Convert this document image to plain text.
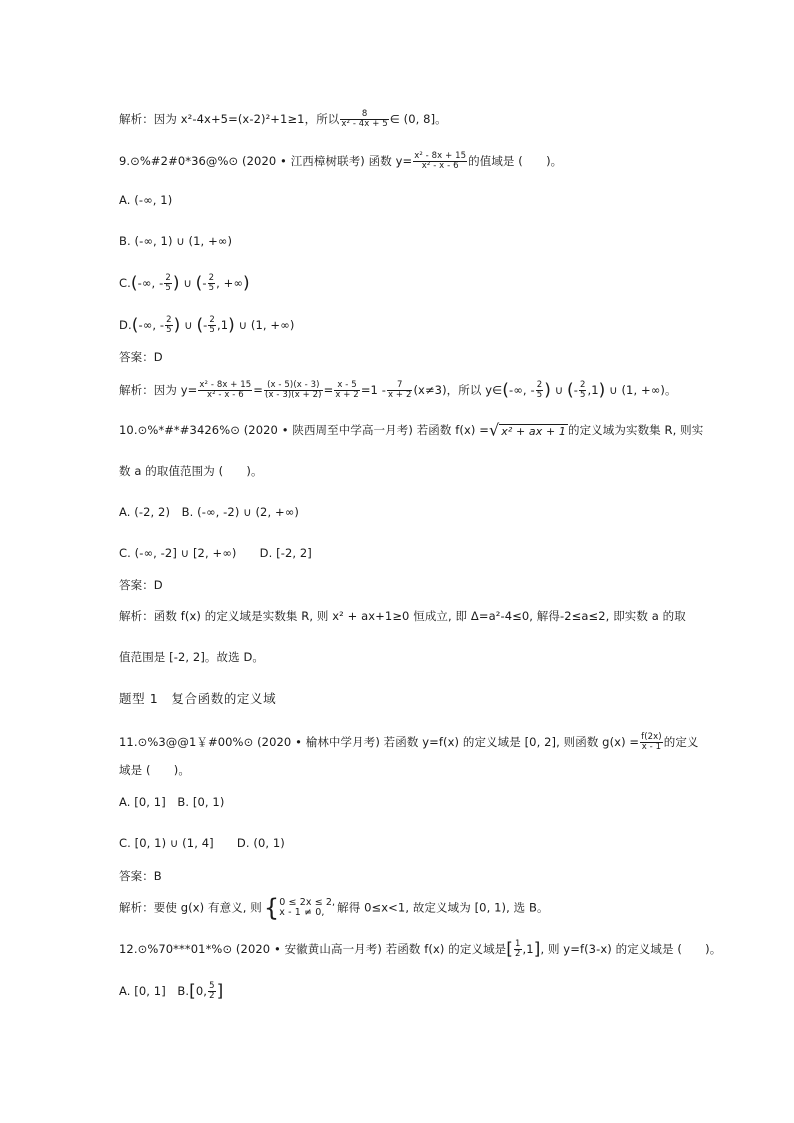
解析：因为 x²-4x+5=(x-2)²+1≥1，所以 $\frac{8}{\text{x² - 4x + 5}}$ ∈ (0, 8]。
9.⊙%#2#0*36@%⊙ (2020 • 江西樟树联考) 函数 $y= \frac{\text{x² - 8x + 15}}{\text{x² - x - 6}}$ 的值域是 (　　)。
A. (-∞, 1)
B. (-∞, 1) ∪ (1, +∞)
C.(-∞, - $\frac{2}{5}$ ) ∪ (- $\frac{2}{5}$ , +∞)
D.(-∞, - $\frac{2}{5}$ ) ∪ (- $\frac{2}{5} ,1$) ∪ (1, +∞)
答案：D
解析：因为 $y= \frac{\text{x² - 8x + 15}}{\text{x² - x - 6}} = \frac{(x - 5)(x - 3)}{(x - 3)(x + 2)} = \frac{x - 5}{x + 2} =1 - \frac{7}{x + 2} (x\ne 3)$，所以 y∈(-∞, - $\frac{2}{5}$ ) ∪ (- $\frac{2}{5} ,1$) ∪ (1, +∞)。
10.⊙%*#*#3426%⊙ (2020 • 陕西周至中学高一月考) 若函数 f(x) =√ x² + ax + 1 的定义域为实数集 R, 则实
数 a 的取值范围为 (　　)。
A. (-2, 2)　B. (-∞, -2) ∪ (2, +∞)
C. (-∞, -2] ∪ [2, +∞)　　D. [-2, 2]
答案：D
解析：函数 f(x) 的定义域是实数集 R, 则 x² + ax+1≥0 恒成立, 即 Δ=a²-4≤0, 解得-2≤a≤2, 即实数 a 的取
值范围是 [-2, 2]。故选 D。
题型 1　复合函数的定义域
11.⊙%3@@1￥#00%⊙ (2020 • 榆林中学月考) 若函数 y=f(x) 的定义域是 [0, 2], 则函数 $g(x) = \frac{f(2x)}{x - 1}$ 的定义
域是 (　　)。
A. [0, 1]　B. [0, 1)
C. [0, 1) ∪ (1, 4]　　D. (0, 1)
答案：B
解析：要使 g(x) 有意义, 则{ 0 ≤ 2x ≤ 2,
x - 1 ≠ 0,	解得 0≤x<1, 故定义域为 [0, 1), 选 B。
12.⊙%70***01*%⊙ (2020 • 安徽黄山高一月考) 若函数 f(x) 的定义域是[ $\frac{1}{2} ,1$], 则 y=f(3-x) 的定义域是 (　　)。
A. [0, 1]　B.[0, $\frac{5}{2}$ ]
